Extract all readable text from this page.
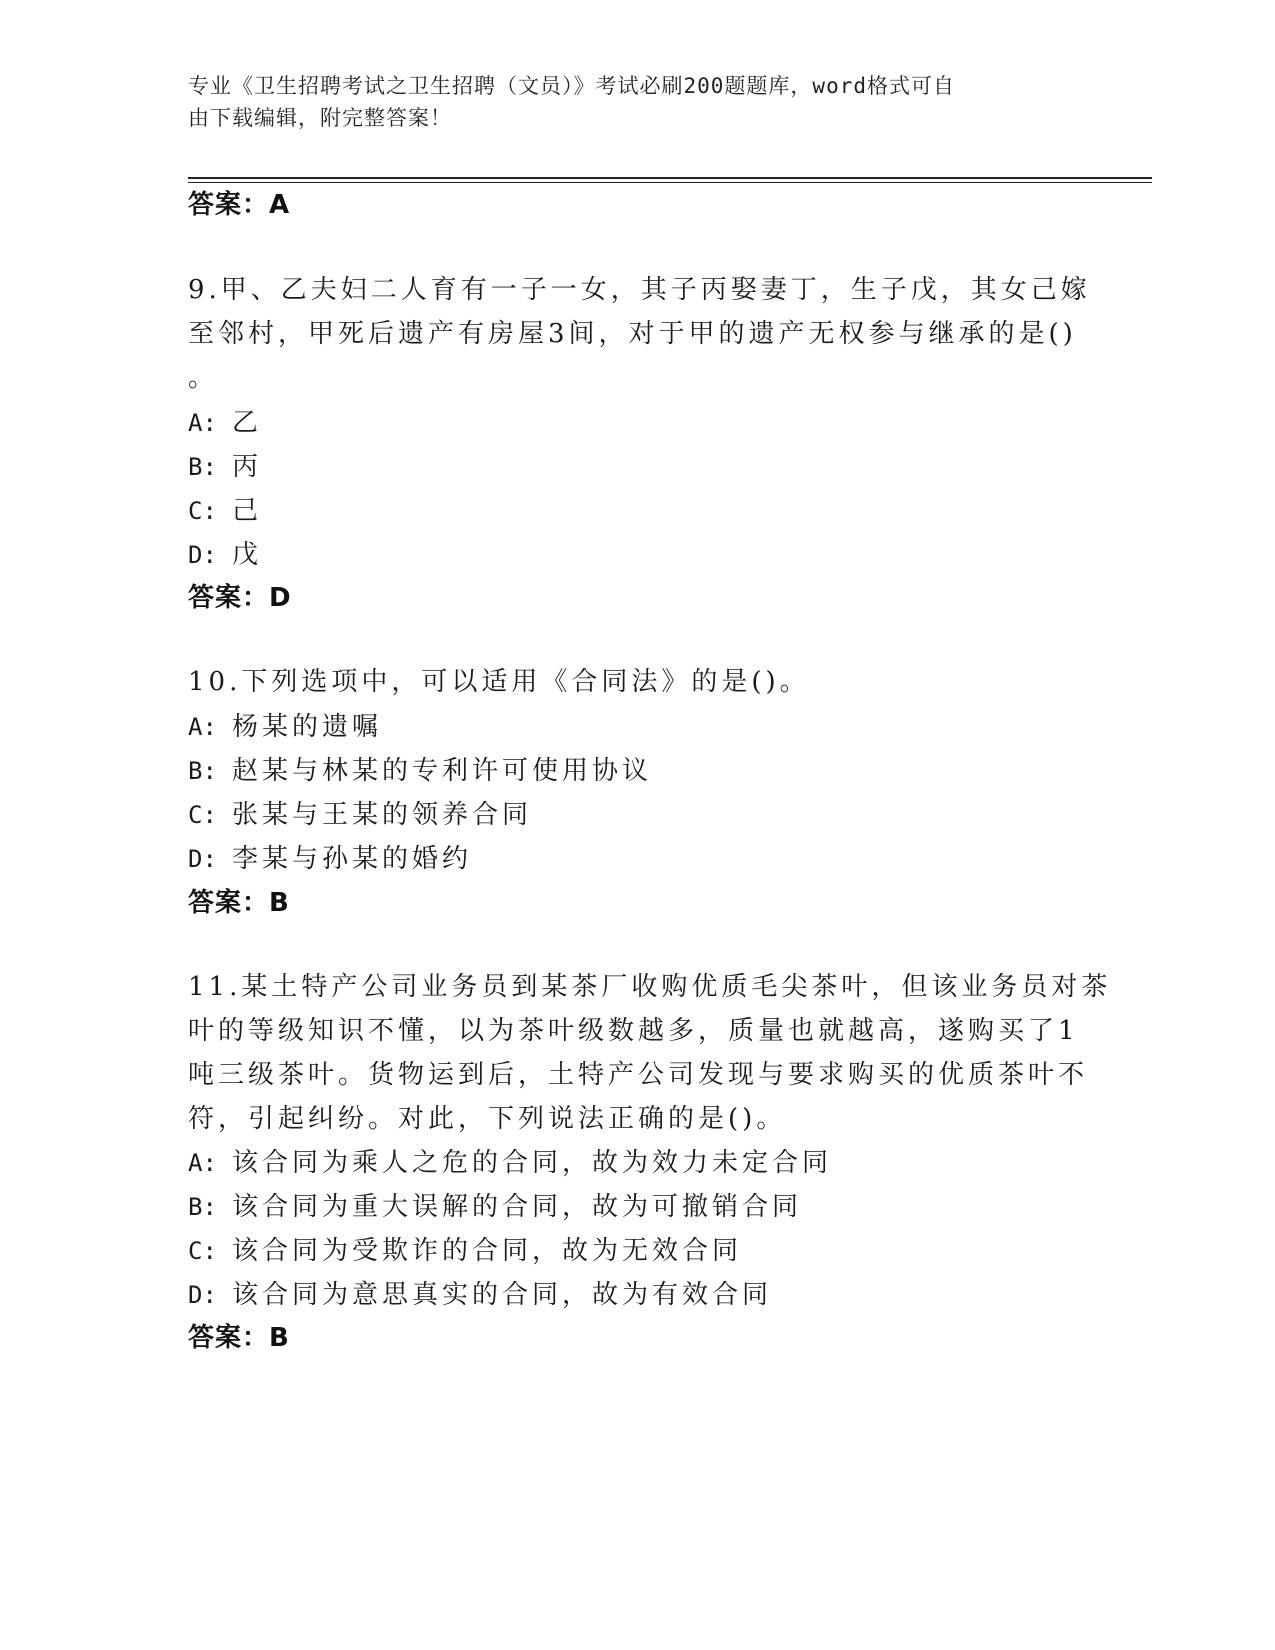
专业《卫生招聘考试之卫生招聘（文员）》考试必刷200题题库，word格式可自
由下载编辑，附完整答案！
答案：A
9.甲、乙夫妇二人育有一子一女，其子丙娶妻丁，生子戊，其女己嫁
至邻村，甲死后遗产有房屋3间，对于甲的遗产无权参与继承的是()
。
A: 乙
B: 丙
C: 己
D: 戊
答案：D
10.下列选项中，可以适用《合同法》的是()。
A: 杨某的遗嘱
B: 赵某与林某的专利许可使用协议
C: 张某与王某的领养合同
D: 李某与孙某的婚约
答案：B
11.某土特产公司业务员到某茶厂收购优质毛尖茶叶，但该业务员对茶
叶的等级知识不懂，以为茶叶级数越多，质量也就越高，遂购买了1
吨三级茶叶。货物运到后，土特产公司发现与要求购买的优质茶叶不
符，引起纠纷。对此，下列说法正确的是()。
A: 该合同为乘人之危的合同，故为效力未定合同
B: 该合同为重大误解的合同，故为可撤销合同
C: 该合同为受欺诈的合同，故为无效合同
D: 该合同为意思真实的合同，故为有效合同
答案：B
